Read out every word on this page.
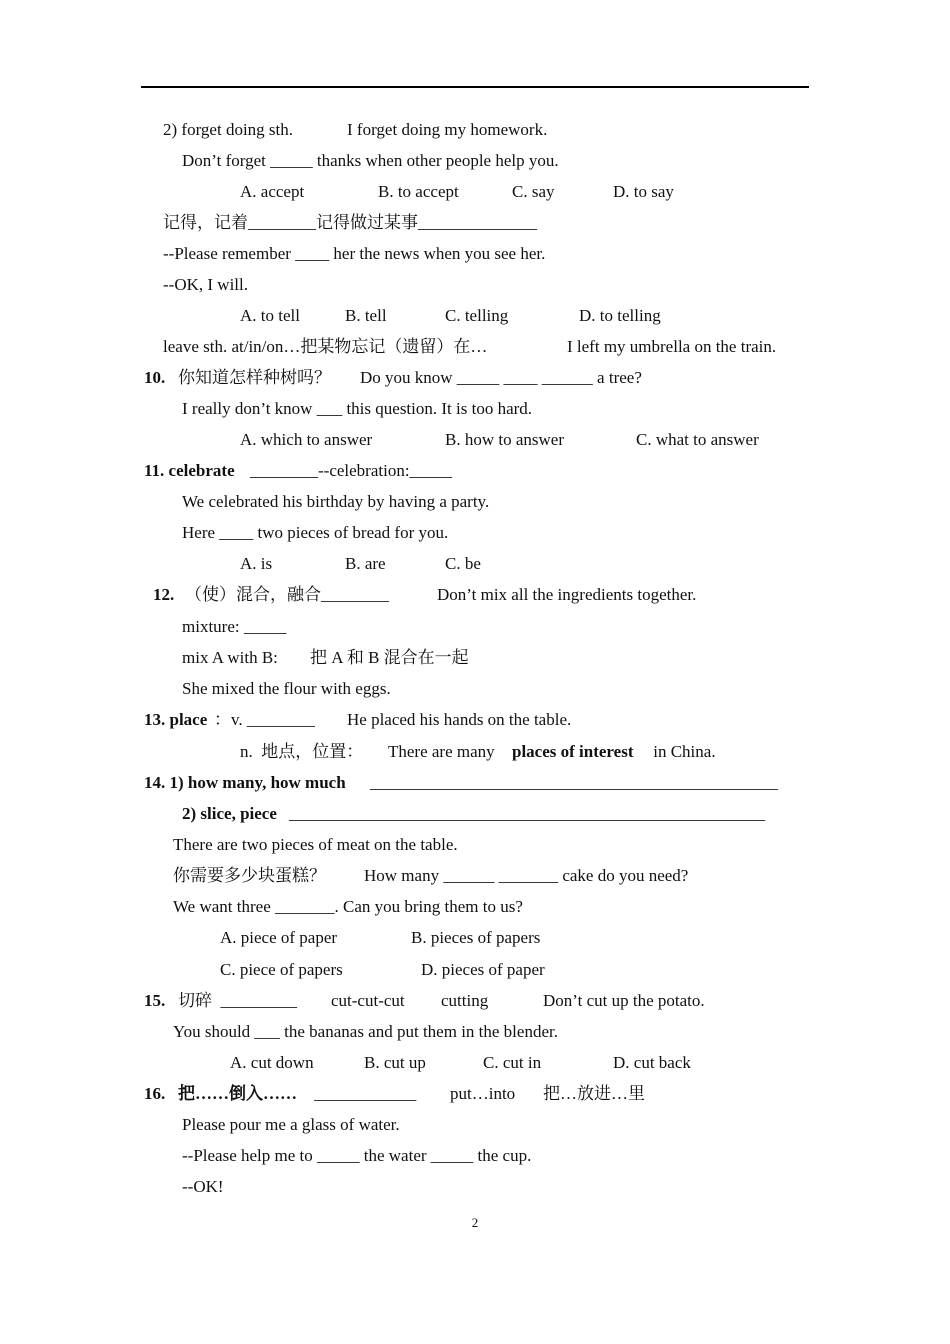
2) forget doing sth.	I forget doing my homework.
Don’t forget _____ thanks when other people help you.
A. accept	B. to accept	C. say	D. to say
记得，记着________记得做过某事______________
--Please remember ____ her the news when you see her.
--OK, I will.
A. to tell	B. tell	C. telling	D. to telling
leave sth. at/in/on…把某物忘记（遗留）在…	I left my umbrella on the train.
10. 你知道怎样种树吗？ Do you know _____ ____ ______ a tree?
I really don’t know ___ this question. It is too hard.
A. which to answer	B. how to answer	C. what to answer
11. celebrate ________--celebration:_____
We celebrated his birthday by having a party.
Here ____ two pieces of bread for you.
A. is	B. are	C. be
12. （使）混合，融合________	Don’t mix all the ingredients together.
mixture: _____
mix A with B: 把 A 和 B 混合在一起
She mixed the flour with eggs.
13. place ：v. ________ He placed his hands on the table.
n.  地点，位置： There are many places of interest in China.
14. 1) how many, how much ________________________________________________
2) slice, piece ________________________________________________________
There are two pieces of meat on the table.
你需要多少块蛋糕？ How many ______ _______ cake do you need?
We want three _______. Can you bring them to us?
A. piece of paper	B. pieces of papers
C. piece of papers	D. pieces of paper
15. 切碎  _________ cut-cut-cut cutting	Don’t cut up the potato.
You should ___ the bananas and put them in the blender.
A. cut down	B. cut up	C. cut in	D. cut back
16. 把……倒入…… ____________ put…into 把…放进…里
Please pour me a glass of water.
--Please help me to _____ the water _____ the cup.
--OK!
2
